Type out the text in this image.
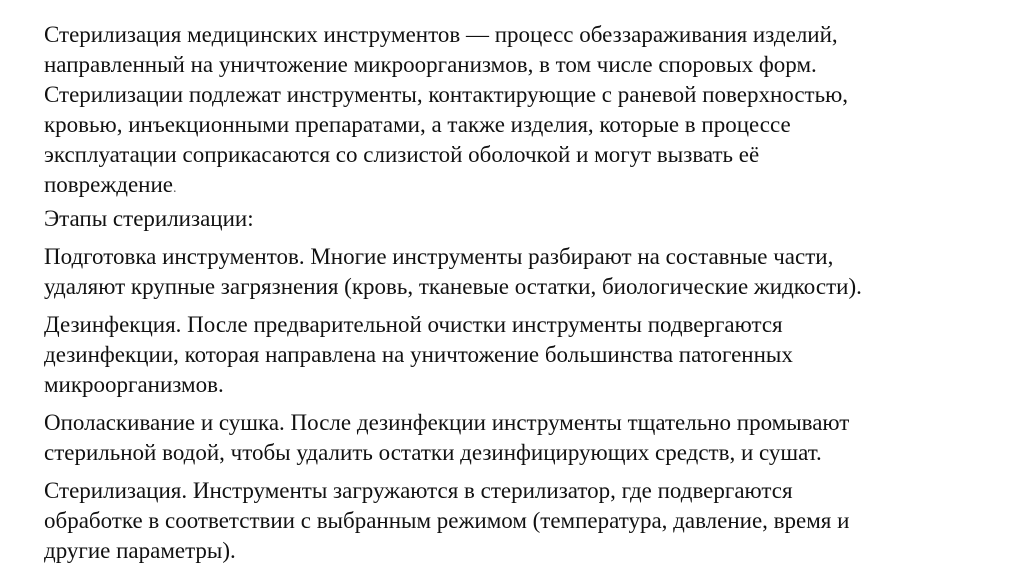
Стерилизация медицинских инструментов — процесс обеззараживания изделий,
направленный на уничтожение микроорганизмов, в том числе споровых форм.
Стерилизации подлежат инструменты, контактирующие с раневой поверхностью,
кровью, инъекционными препаратами, а также изделия, которые в процессе
эксплуатации соприкасаются со слизистой оболочкой и могут вызвать её
повреждение.

Этапы стерилизации:

Подготовка инструментов. Многие инструменты разбирают на составные части,
удаляют крупные загрязнения (кровь, тканевые остатки, биологические жидкости).

Дезинфекция. После предварительной очистки инструменты подвергаются
дезинфекции, которая направлена на уничтожение большинства патогенных
микроорганизмов.

Ополаскивание и сушка. После дезинфекции инструменты тщательно промывают
стерильной водой, чтобы удалить остатки дезинфицирующих средств, и сушат.

Стерилизация. Инструменты загружаются в стерилизатор, где подвергаются
обработке в соответствии с выбранным режимом (температура, давление, время и
другие параметры).
